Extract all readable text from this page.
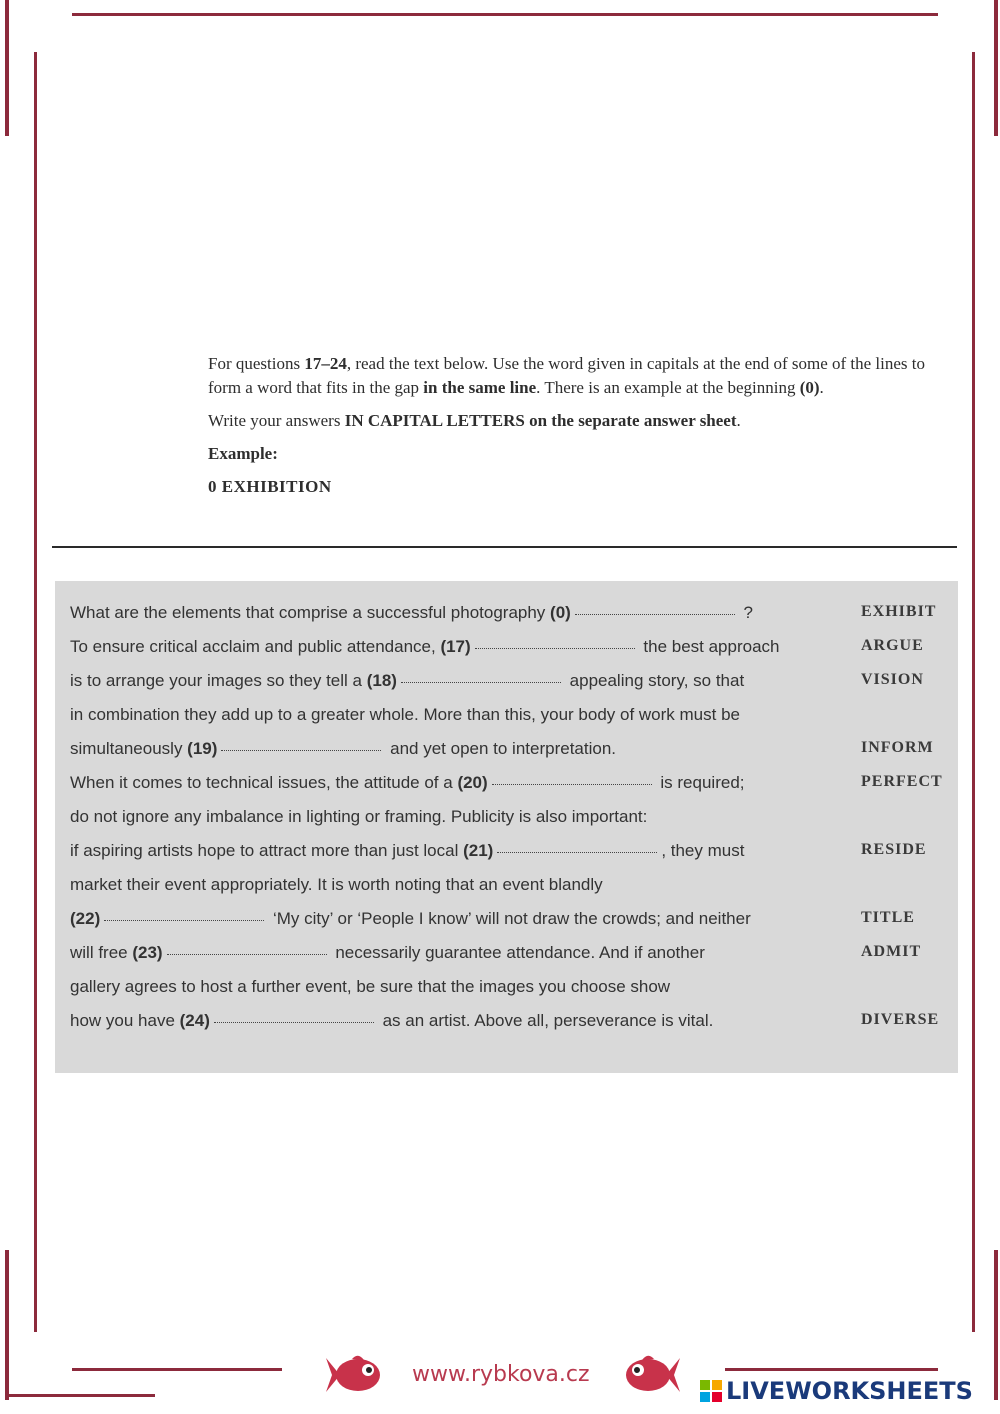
For questions 17–24, read the text below. Use the word given in capitals at the end of some of the lines to form a word that fits in the gap in the same line. There is an example at the beginning (0).

Write your answers IN CAPITAL LETTERS on the separate answer sheet.

Example:

0 EXHIBITION

What are the elements that comprise a successful photography (0)	?	EXHIBIT
To ensure critical acclaim and public attendance, (17)	the best approach	ARGUE
is to arrange your images so they tell a (18)	appealing story, so that	VISION
in combination they add up to a greater whole. More than this, your body of work must be
simultaneously (19)	and yet open to interpretation.	INFORM
When it comes to technical issues, the attitude of a (20)	is required;	PERFECT
do not ignore any imbalance in lighting or framing. Publicity is also important:
if aspiring artists hope to attract more than just local (21)	, they must	RESIDE
market their event appropriately. It is worth noting that an event blandly
(22)	‘My city’ or ‘People I know’ will not draw the crowds; and neither	TITLE
will free (23)	necessarily guarantee attendance. And if another	ADMIT
gallery agrees to host a further event, be sure that the images you choose show
how you have (24)	as an artist. Above all, perseverance is vital.	DIVERSE
www.rybkova.cz
LIVEWORKSHEETS
